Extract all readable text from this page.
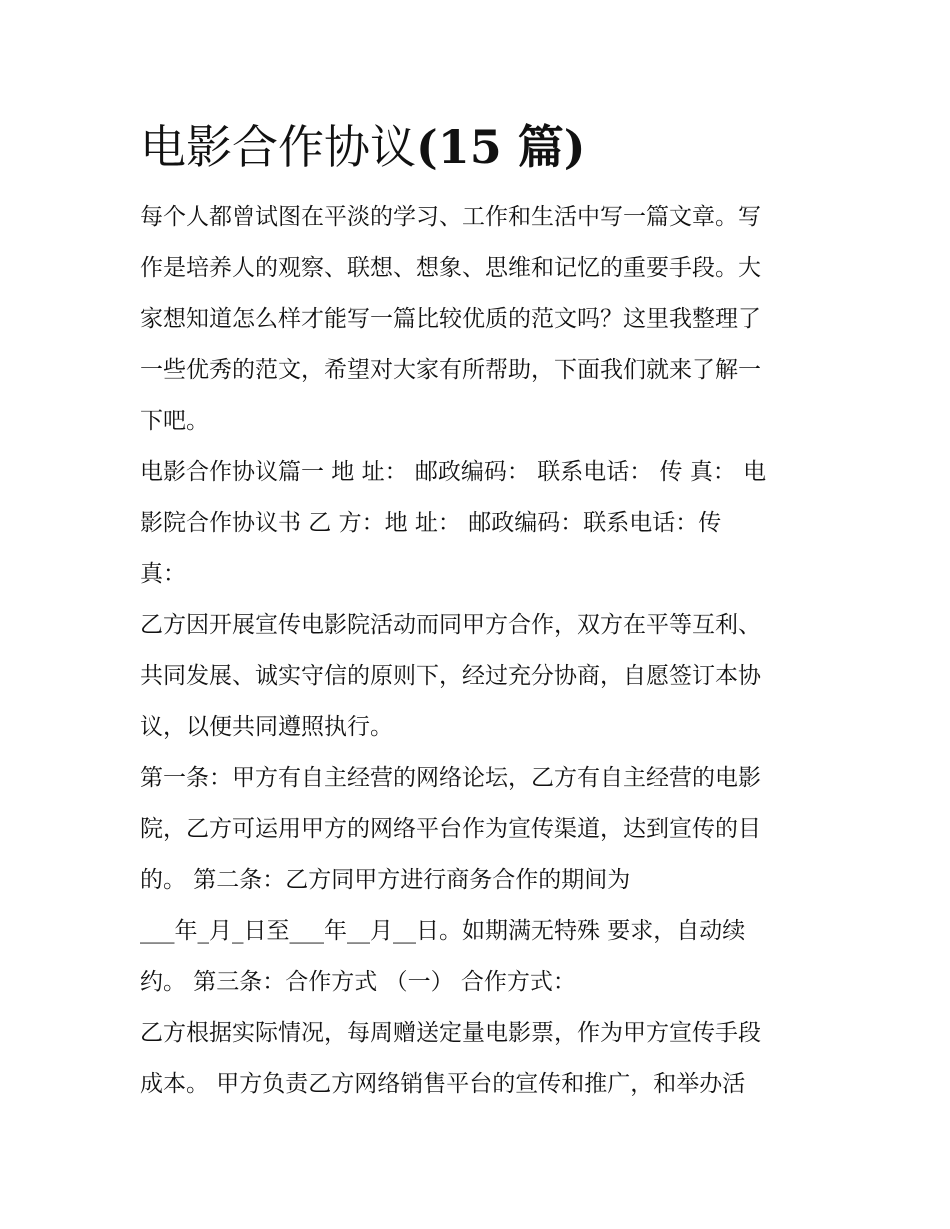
电影合作协议(15 篇)

每个人都曾试图在平淡的学习、工作和生活中写一篇文章。写
作是培养人的观察、联想、想象、思维和记忆的重要手段。大
家想知道怎么样才能写一篇比较优质的范文吗？这里我整理了
一些优秀的范文，希望对大家有所帮助，下面我们就来了解一
下吧。

电影合作协议篇一 地 址： 邮政编码： 联系电话： 传 真： 电
影院合作协议书 乙 方：地 址： 邮政编码：联系电话：传
真：

乙方因开展宣传电影院活动而同甲方合作，双方在平等互利、
共同发展、诚实守信的原则下，经过充分协商，自愿签订本协
议，以便共同遵照执行。

第一条：甲方有自主经营的网络论坛，乙方有自主经营的电影
院，乙方可运用甲方的网络平台作为宣传渠道，达到宣传的目
的。 第二条：乙方同甲方进行商务合作的期间为
___年_月_日至___年__月__日。如期满无特殊 要求，自动续
约。 第三条：合作方式 （一） 合作方式：

乙方根据实际情况，每周赠送定量电影票，作为甲方宣传手段
成本。 甲方负责乙方网络销售平台的宣传和推广，和举办活
